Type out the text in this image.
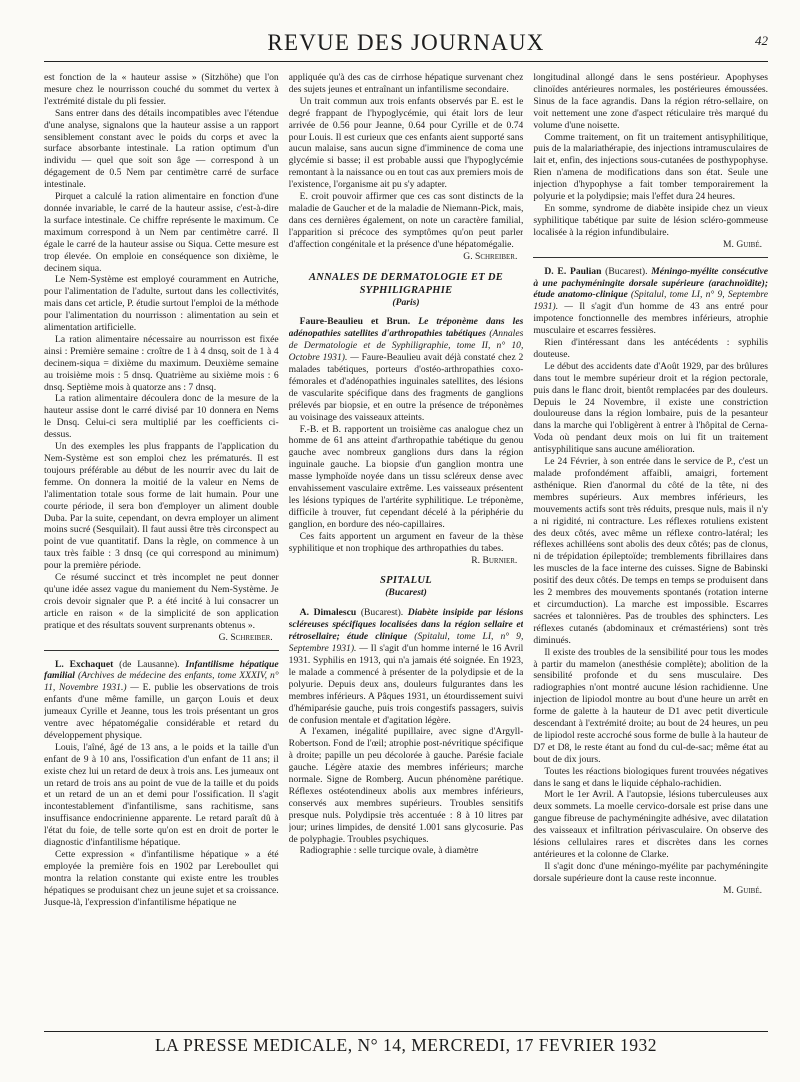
REVUE DES JOURNAUX	42

est fonction de la « hauteur assise » (Sitzhöhe) que l'on mesure chez le nourrisson couché du sommet du vertex à l'extrémité distale du pli fessier.

Sans entrer dans des détails incompatibles avec l'étendue d'une analyse, signalons que la hauteur assise a un rapport sensiblement constant avec le poids du corps et avec la surface absorbante intestinale. La ration optimum d'un individu — quel que soit son âge — correspond à un dégagement de 0.5 Nem par centimètre carré de surface intestinale.

Pirquet a calculé la ration alimentaire en fonction d'une donnée invariable, le carré de la hauteur assise, c'est-à-dire la surface intestinale. Ce chiffre représente le maximum. Ce maximum correspond à un Nem par centimètre carré. Il égale le carré de la hauteur assise ou Siqua. Cette mesure est trop élevée. On emploie en conséquence son dixième, le decinem siqua.

Le Nem-Système est employé couramment en Autriche, pour l'alimentation de l'adulte, surtout dans les collectivités, mais dans cet article, P. étudie surtout l'emploi de la méthode pour l'alimentation du nourrisson : alimentation au sein et alimentation artificielle.

La ration alimentaire nécessaire au nourrisson est fixée ainsi : Première semaine : croître de 1 à 4 dnsq, soit de 1 à 4 decinem-siqua = dixième du maximum. Deuxième semaine au troisième mois : 5 dnsq. Quatrième au sixième mois : 6 dnsq. Septième mois à quatorze ans : 7 dnsq.

La ration alimentaire découlera donc de la mesure de la hauteur assise dont le carré divisé par 10 donnera en Nems le Dnsq. Celui-ci sera multiplié par les coefficients ci-dessus.

Un des exemples les plus frappants de l'application du Nem-Système est son emploi chez les prématurés. Il est toujours préférable au début de les nourrir avec du lait de femme. On donnera la moitié de la valeur en Nems de l'alimentation totale sous forme de lait humain. Pour une courte période, il sera bon d'employer un aliment double Duba. Par la suite, cependant, on devra employer un aliment moins sucré (Sesquilait). Il faut aussi être très circonspect au point de vue quantitatif. Dans la règle, on commence à un taux très faible : 3 dnsq (ce qui correspond au minimum) pour la première période.

Ce résumé succinct et très incomplet ne peut donner qu'une idée assez vague du maniement du Nem-Système. Je crois devoir signaler que P. a été incité à lui consacrer un article en raison « de la simplicité de son application pratique et des résultats souvent surprenants obtenus ».

G. Schreiber.

L. Exchaquet (de Lausanne). Infantilisme hépatique familial (Archives de médecine des enfants, tome XXXIV, n° 11, Novembre 1931.) — E. publie les observations de trois enfants d'une même famille, un garçon Louis et deux jumeaux Cyrille et Jeanne, tous les trois présentant un gros ventre avec hépatomégalie considérable et retard du développement physique.

Louis, l'aîné, âgé de 13 ans, a le poids et la taille d'un enfant de 9 à 10 ans, l'ossification d'un enfant de 11 ans; il existe chez lui un retard de deux à trois ans. Les jumeaux ont un retard de trois ans au point de vue de la taille et du poids et un retard de un an et demi pour l'ossification. Il s'agit incontestablement d'infantilisme, sans rachitisme, sans insuffisance endocrinienne apparente. Le retard paraît dû à l'état du foie, de telle sorte qu'on est en droit de porter le diagnostic d'infantilisme hépatique.

Cette expression « d'infantilisme hépatique » a été employée la première fois en 1902 par Lereboullet qui montra la relation constante qui existe entre les troubles hépatiques se produisant chez un jeune sujet et sa croissance. Jusque-là, l'expression d'infantilisme hépatique ne

appliquée qu'à des cas de cirrhose hépatique survenant chez des sujets jeunes et entraînant un infantilisme secondaire.

Un trait commun aux trois enfants observés par E. est le degré frappant de l'hypoglycémie, qui était lors de leur arrivée de 0.56 pour Jeanne, 0.64 pour Cyrille et de 0.74 pour Louis. Il est curieux que ces enfants aient supporté sans aucun malaise, sans aucun signe d'imminence de coma une glycémie si basse; il est probable aussi que l'hypoglycémie remontant à la naissance ou en tout cas aux premiers mois de l'existence, l'organisme ait pu s'y adapter.

E. croit pouvoir affirmer que ces cas sont distincts de la maladie de Gaucher et de la maladie de Niemann-Pick, mais, dans ces dernières également, on note un caractère familial, l'apparition si précoce des symptômes qu'on peut parler d'affection congénitale et la présence d'une hépatomégalie.

G. Schreiber.
ANNALES DE DERMATOLOGIE ET DE SYPHILIGRAPHIE
(Paris)

Faure-Beaulieu et Brun. Le tréponème dans les adénopathies satellites d'arthropathies tabétiques (Annales de Dermatologie et de Syphiligraphie, tome II, n° 10, Octobre 1931). — Faure-Beaulieu avait déjà constaté chez 2 malades tabétiques, porteurs d'ostéo-arthropathies coxo-fémorales et d'adénopathies inguinales satellites, des lésions de vascularite spécifique dans des fragments de ganglions prélevés par biopsie, et en outre la présence de tréponèmes au voisinage des vaisseaux atteints.

F.-B. et B. rapportent un troisième cas analogue chez un homme de 61 ans atteint d'arthropathie tabétique du genou gauche avec nombreux ganglions durs dans la région inguinale gauche. La biopsie d'un ganglion montra une masse lymphoïde noyée dans un tissu scléreux dense avec envahissement vasculaire extrême. Les vaisseaux présentent les lésions typiques de l'artérite syphilitique. Le tréponème, difficile à trouver, fut cependant décelé à la périphérie du ganglion, en bordure des néo-capillaires.

Ces faits apportent un argument en faveur de la thèse syphilitique et non trophique des arthropathies du tabes.

R. Burnier.
SPITALUL
(Bucarest)

A. Dimalescu (Bucarest). Diabète insipide par lésions scléreuses spécifiques localisées dans la région sellaire et rétrosellaire; étude clinique (Spitalul, tome LI, n° 9, Septembre 1931). — Il s'agit d'un homme interné le 16 Avril 1931. Syphilis en 1913, qui n'a jamais été soignée. En 1923, le malade a commencé à présenter de la polydipsie et de la polyurie. Depuis deux ans, douleurs fulgurantes dans les membres inférieurs. A Pâques 1931, un étourdissement suivi d'hémiparésie gauche, puis trois congestifs passagers, suivis de confusion mentale et d'agitation légère.

A l'examen, inégalité pupillaire, avec signe d'Argyll-Robertson. Fond de l'œil; atrophie post-névritique spécifique à droite; papille un peu décolorée à gauche. Parésie faciale gauche. Légère ataxie des membres inférieurs; marche normale. Signe de Romberg. Aucun phénomène parétique. Réflexes ostéotendineux abolis aux membres inférieurs, conservés aux membres supérieurs. Troubles sensitifs presque nuls. Polydipsie très accentuée : 8 à 10 litres par jour; urines limpides, de densité 1.001 sans glycosurie. Pas de polyphagie. Troubles psychiques.

Radiographie : selle turcique ovale, à diamètre

longitudinal allongé dans le sens postérieur. Apophyses clinoïdes antérieures normales, les postérieures émoussées. Sinus de la face agrandis. Dans la région rétro-sellaire, on voit nettement une zone d'aspect réticulaire très marqué du volume d'une noisette.

Comme traitement, on fit un traitement antisyphilitique, puis de la malariathérapie, des injections intramusculaires de lait et, enfin, des injections sous-cutanées de posthypophyse. Rien n'amena de modifications dans son état. Seule une injection d'hypophyse a fait tomber temporairement la polyurie et la polydipsie; mais l'effet dura 24 heures.

En somme, syndrome de diabète insipide chez un vieux syphilitique tabétique par suite de lésion scléro-gommeuse localisée à la région infundibulaire.

M. Guibé.

D. E. Paulian (Bucarest). Méningo-myélite consécutive à une pachyméningite dorsale supérieure (arachnoïdite); étude anatomo-clinique (Spitalul, tome LI, n° 9, Septembre 1931). — Il s'agit d'un homme de 43 ans entré pour impotence fonctionnelle des membres inférieurs, atrophie musculaire et escarres fessières.

Rien d'intéressant dans les antécédents : syphilis douteuse.

Le début des accidents date d'Août 1929, par des brûlures dans tout le membre supérieur droit et la région pectorale, puis dans le flanc droit, bientôt remplacées par des douleurs. Depuis le 24 Novembre, il existe une constriction douloureuse dans la région lombaire, puis de la pesanteur dans la marche qui l'obligèrent à entrer à l'hôpital de Cerna-Voda où pendant deux mois on lui fit un traitement antisyphilitique sans aucune amélioration.

Le 24 Février, à son entrée dans le service de P., c'est un malade profondément affaibli, amaigri, fortement asthénique. Rien d'anormal du côté de la tête, ni des membres supérieurs. Aux membres inférieurs, les mouvements actifs sont très réduits, presque nuls, mais il n'y a ni rigidité, ni contracture. Les réflexes rotuliens existent des deux côtés, avec même un réflexe contro-latéral; les réflexes achilléens sont abolis des deux côtés; pas de clonus, ni de trépidation épileptoïde; tremblements fibrillaires dans les muscles de la face interne des cuisses. Signe de Babinski positif des deux côtés. De temps en temps se produisent dans les 2 membres des mouvements spontanés (rotation interne et circumduction). La marche est impossible. Escarres sacrées et talonnières. Pas de troubles des sphincters. Les réflexes cutanés (abdominaux et crémastériens) sont très diminués.

Il existe des troubles de la sensibilité pour tous les modes à partir du mamelon (anesthésie complète); abolition de la sensibilité profonde et du sens musculaire. Des radiographies n'ont montré aucune lésion rachidienne. Une injection de lipiodol montre au bout d'une heure un arrêt en forme de galette à la hauteur de D1 avec petit diverticule descendant à l'extrémité droite; au bout de 24 heures, un peu de lipiodol reste accroché sous forme de bulle à la hauteur de D7 et D8, le reste étant au fond du cul-de-sac; même état au bout de dix jours.

Toutes les réactions biologiques furent trouvées négatives dans le sang et dans le liquide céphalo-rachidien.

Mort le 1er Avril. A l'autopsie, lésions tuberculeuses aux deux sommets. La moelle cervico-dorsale est prise dans une gangue fibreuse de pachyméningite adhésive, avec dilatation des vaisseaux et infiltration périvasculaire. On observe des lésions cellulaires rares et discrètes dans les cornes antérieures et la colonne de Clarke.

Il s'agit donc d'une méningo-myélite par pachyméningite dorsale supérieure dont la cause reste inconnue.

M. Guibé.
LA PRESSE MEDICALE, N° 14, MERCREDI, 17 FEVRIER 1932
